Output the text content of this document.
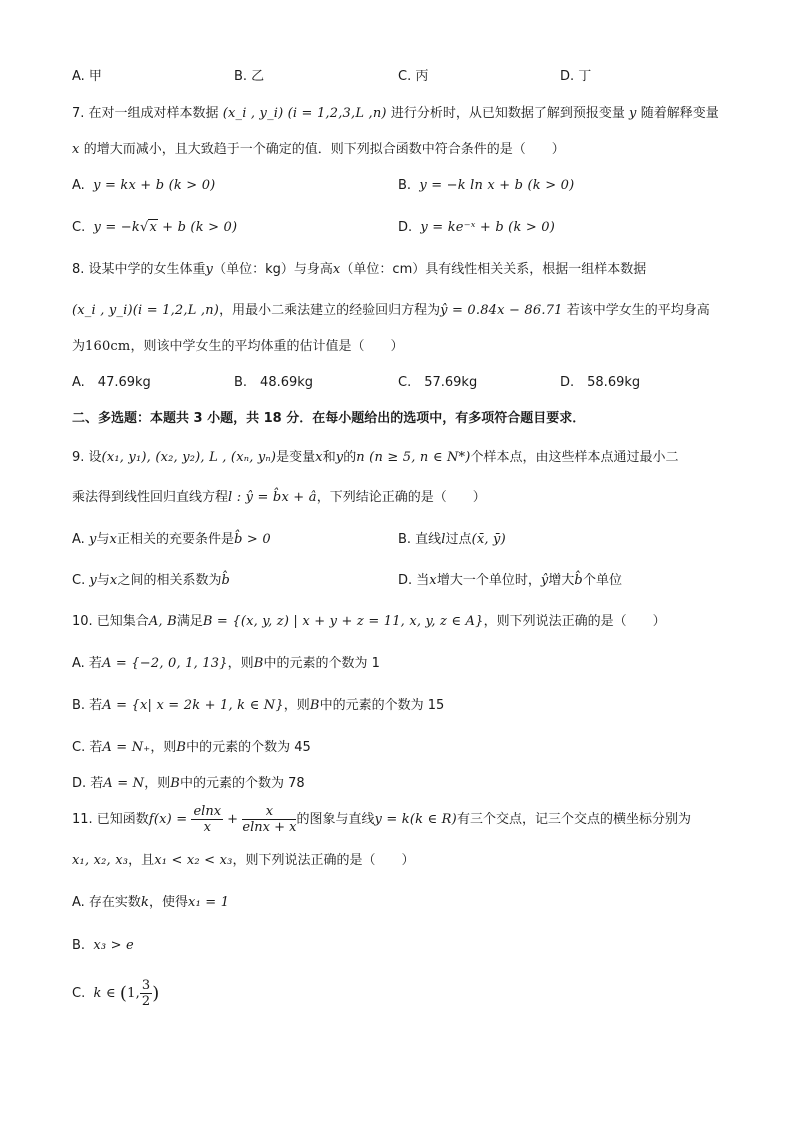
A. 甲	B. 乙	C. 丙	D. 丁
7. 在对一组成对样本数据 (x_i , y_i) (i = 1,2,3,L ,n) 进行分析时，从已知数据了解到预报变量 y 随着解释变量
x 的增大而减小，且大致趋于一个确定的值．则下列拟合函数中符合条件的是（　　）
A. y = kx + b (k > 0)	B. y = −k ln x + b (k > 0)
C. y = −k√x + b (k > 0)	D. y = ke⁻ˣ + b (k > 0)
8. 设某中学的女生体重y（单位：kg）与身高x（单位：cm）具有线性相关关系，根据一组样本数据
(x_i , y_i)(i = 1,2,L ,n)，用最小二乘法建立的经验回归方程为ŷ = 0.84x − 86.71 若该中学女生的平均身高
为160cm，则该中学女生的平均体重的估计值是（　　）
A.　47.69kg	B.　48.69kg	C.　57.69kg	D.　58.69kg
二、多选题：本题共 3 小题，共 18 分．在每小题给出的选项中，有多项符合题目要求．
9. 设(x₁, y₁), (x₂, y₂), L , (xₙ, yₙ)是变量x和y的n (n ≥ 5, n ∈ N*)个样本点，由这些样本点通过最小二
乘法得到线性回归直线方程l : ŷ = b̂x + â，下列结论正确的是（　　）
A. y与x正相关的充要条件是b̂ > 0	B. 直线l过点(x̄, ȳ)
C. y与x之间的相关系数为b̂	D. 当x增大一个单位时，ŷ增大b̂个单位
10. 已知集合A, B满足B = {(x, y, z) | x + y + z = 11, x, y, z ∈ A}，则下列说法正确的是（　　）
A. 若A = {−2, 0, 1, 13}，则B中的元素的个数为 1
B. 若A = {x| x = 2k + 1, k ∈ N}，则B中的元素的个数为 15
C. 若A = N₊，则B中的元素的个数为 45
D. 若A = N，则B中的元素的个数为 78
11. 已知函数$f(x) = \frac{elnx}{x} + \frac{x}{elnx + x}$ 的图象与直线y = k(k ∈ R)有三个交点，记三个交点的横坐标分别为
x₁, x₂, x₃，且x₁ < x₂ < x₃，则下列说法正确的是（　　）
A. 存在实数k，使得x₁ = 1
B. x₃ > e
C. k ∈ (1, $\frac{3}{2}$ )
